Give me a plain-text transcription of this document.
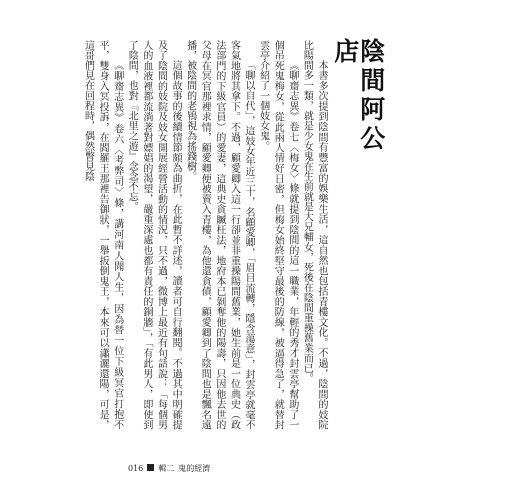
陰間阿公店

本書多次提到陰間有豐富的娛樂生活，這自然也包括青樓文化。不過，陰間的妓院比陽間多一類，就是少女鬼在生前就是大兄輔女，死後在陰間重操舊業而已。

《聊齋志異》卷七〈梅女〉條就提到陰間的這一職業，年輕的秀才封雲亭幫助了一個吊死鬼梅女，從此兩人情好日密，但梅女始終堅守最後的防線，被逼得急了，就替封雲亭介紹了一個妓女鬼。

「聊以自代」，這妓女年近三十，名顧愛卿，「眉目流轉，隱含蕩意」，封雲亭就毫不客氣地將其拿下。不過，顧愛卿入這一行卻並非重操陽間舊業，她生前是一位典史（政法部門的下級官員）的愛妻，這典史貪贓枉法，地府本已剝奪他的陽壽，只因他去世的父母在冥官那裡求情，顧愛卿便被賣入青樓，為他還貪債，顧愛卿到了陰間也是飄名遠播，被陰間的老鴇視為搖錢樹。

這個故事的後續情節頗為曲折，在此暫不詳述，讀者可自行翻閱。不過其中明確提及了陰間的妓院及妓女開展經營活動的情況，只不過，微博上最近有句話說：「每個男人的血液裡都流淌著對嫖娼的渴望，嚴重深處也都有責任的銅牆」，「有此男人，即使到了陰間，也對『北里之遊』念念不忘。

《聊齋志異》卷六〈考弊司〉條，講河南人聞人生，因為替一位下級冥官打抱不平，雙身入冥投訴，在閻羅王那裡告御狀，一舉扳倒鬼王，本來可以瀟灑還陽，可是，這哥們見在回程時，偶然瞥見陰

016 輯二 鬼的經濟
